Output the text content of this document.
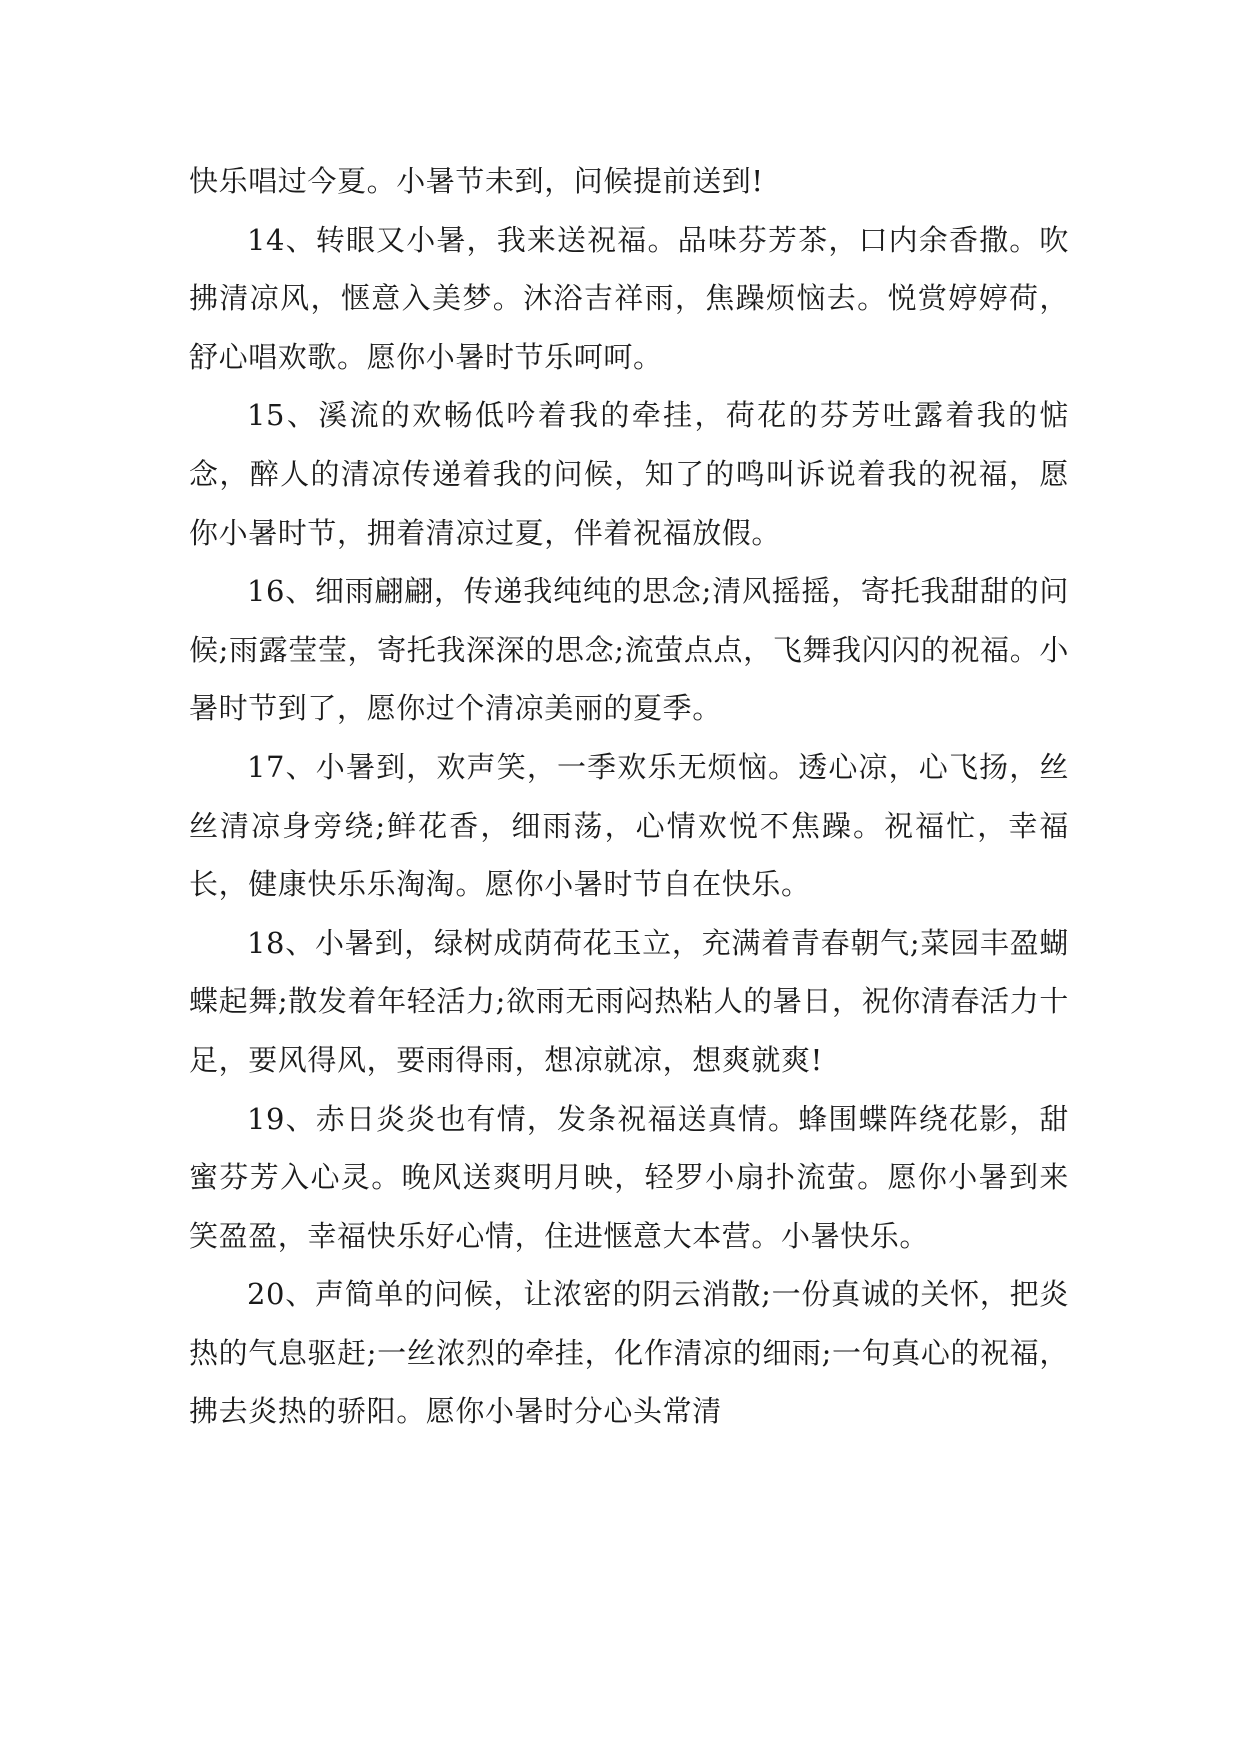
快乐唱过今夏。小暑节未到，问候提前送到!

14、转眼又小暑，我来送祝福。品味芬芳茶，口内余香撒。吹拂清凉风，惬意入美梦。沐浴吉祥雨，焦躁烦恼去。悦赏婷婷荷，舒心唱欢歌。愿你小暑时节乐呵呵。

15、溪流的欢畅低吟着我的牵挂，荷花的芬芳吐露着我的惦念，醉人的清凉传递着我的问候，知了的鸣叫诉说着我的祝福，愿你小暑时节，拥着清凉过夏，伴着祝福放假。

16、细雨翩翩，传递我纯纯的思念;清风摇摇，寄托我甜甜的问候;雨露莹莹，寄托我深深的思念;流萤点点，飞舞我闪闪的祝福。小暑时节到了，愿你过个清凉美丽的夏季。

17、小暑到，欢声笑，一季欢乐无烦恼。透心凉，心飞扬，丝丝清凉身旁绕;鲜花香，细雨荡，心情欢悦不焦躁。祝福忙，幸福长，健康快乐乐淘淘。愿你小暑时节自在快乐。

18、小暑到，绿树成荫荷花玉立，充满着青春朝气;菜园丰盈蝴蝶起舞;散发着年轻活力;欲雨无雨闷热粘人的暑日，祝你清春活力十足，要风得风，要雨得雨，想凉就凉，想爽就爽!

19、赤日炎炎也有情，发条祝福送真情。蜂围蝶阵绕花影，甜蜜芬芳入心灵。晚风送爽明月映，轻罗小扇扑流萤。愿你小暑到来笑盈盈，幸福快乐好心情，住进惬意大本营。小暑快乐。

20、声简单的问候，让浓密的阴云消散;一份真诚的关怀，把炎热的气息驱赶;一丝浓烈的牵挂，化作清凉的细雨;一句真心的祝福，拂去炎热的骄阳。愿你小暑时分心头常清
